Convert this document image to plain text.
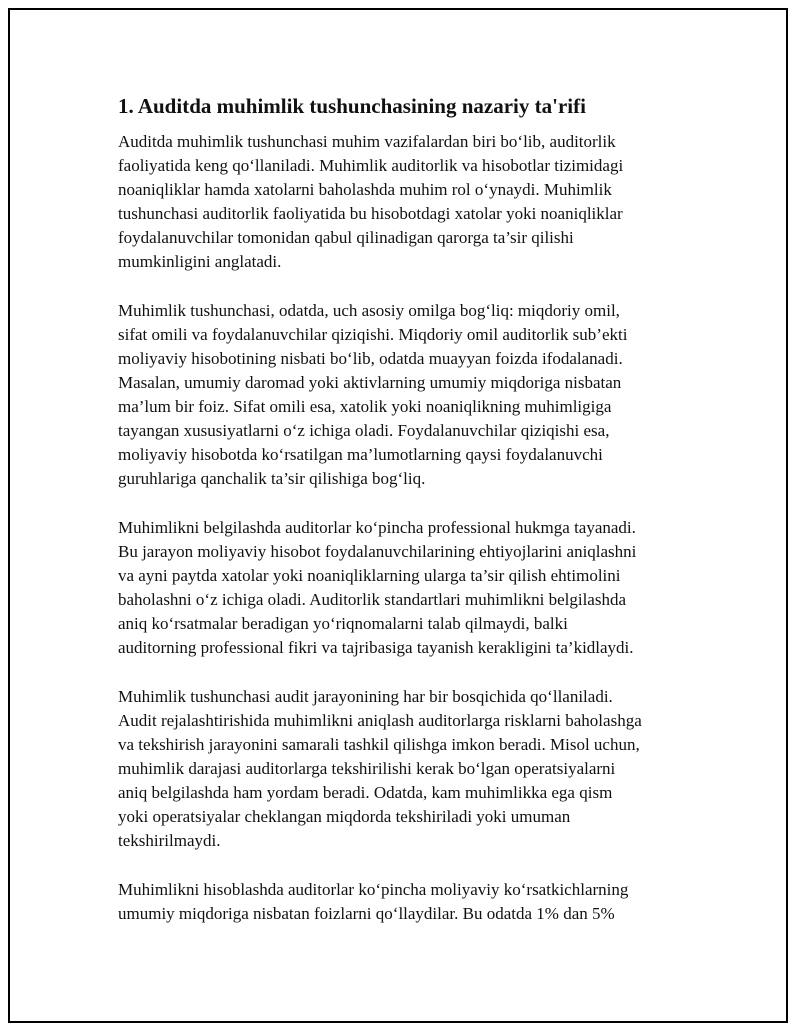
1. Auditda muhimlik tushunchasining nazariy ta'rifi

Auditda muhimlik tushunchasi muhim vazifalardan biri bo‘lib, auditorlik
faoliyatida keng qo‘llaniladi. Muhimlik auditorlik va hisobotlar tizimidagi
noaniqliklar hamda xatolarni baholashda muhim rol o‘ynaydi. Muhimlik
tushunchasi auditorlik faoliyatida bu hisobotdagi xatolar yoki noaniqliklar
foydalanuvchilar tomonidan qabul qilinadigan qarorga ta’sir qilishi
mumkinligini anglatadi.

Muhimlik tushunchasi, odatda, uch asosiy omilga bog‘liq: miqdoriy omil,
sifat omili va foydalanuvchilar qiziqishi. Miqdoriy omil auditorlik sub’ekti
moliyaviy hisobotining nisbati bo‘lib, odatda muayyan foizda ifodalanadi.
Masalan, umumiy daromad yoki aktivlarning umumiy miqdoriga nisbatan
ma’lum bir foiz. Sifat omili esa, xatolik yoki noaniqlikning muhimligiga
tayangan xususiyatlarni o‘z ichiga oladi. Foydalanuvchilar qiziqishi esa,
moliyaviy hisobotda ko‘rsatilgan ma’lumotlarning qaysi foydalanuvchi
guruhlariga qanchalik ta’sir qilishiga bog‘liq.

Muhimlikni belgilashda auditorlar ko‘pincha professional hukmga tayanadi.
Bu jarayon moliyaviy hisobot foydalanuvchilarining ehtiyojlarini aniqlashni
va ayni paytda xatolar yoki noaniqliklarning ularga ta’sir qilish ehtimolini
baholashni o‘z ichiga oladi. Auditorlik standartlari muhimlikni belgilashda
aniq ko‘rsatmalar beradigan yo‘riqnomalarni talab qilmaydi, balki
auditorning professional fikri va tajribasiga tayanish kerakligini ta’kidlaydi.

Muhimlik tushunchasi audit jarayonining har bir bosqichida qo‘llaniladi.
Audit rejalashtirishida muhimlikni aniqlash auditorlarga risklarni baholashga
va tekshirish jarayonini samarali tashkil qilishga imkon beradi. Misol uchun,
muhimlik darajasi auditorlarga tekshirilishi kerak bo‘lgan operatsiyalarni
aniq belgilashda ham yordam beradi. Odatda, kam muhimlikka ega qism
yoki operatsiyalar cheklangan miqdorda tekshiriladi yoki umuman
tekshirilmaydi.

Muhimlikni hisoblashda auditorlar ko‘pincha moliyaviy ko‘rsatkichlarning
umumiy miqdoriga nisbatan foizlarni qo‘llaydilar. Bu odatda 1% dan 5%
